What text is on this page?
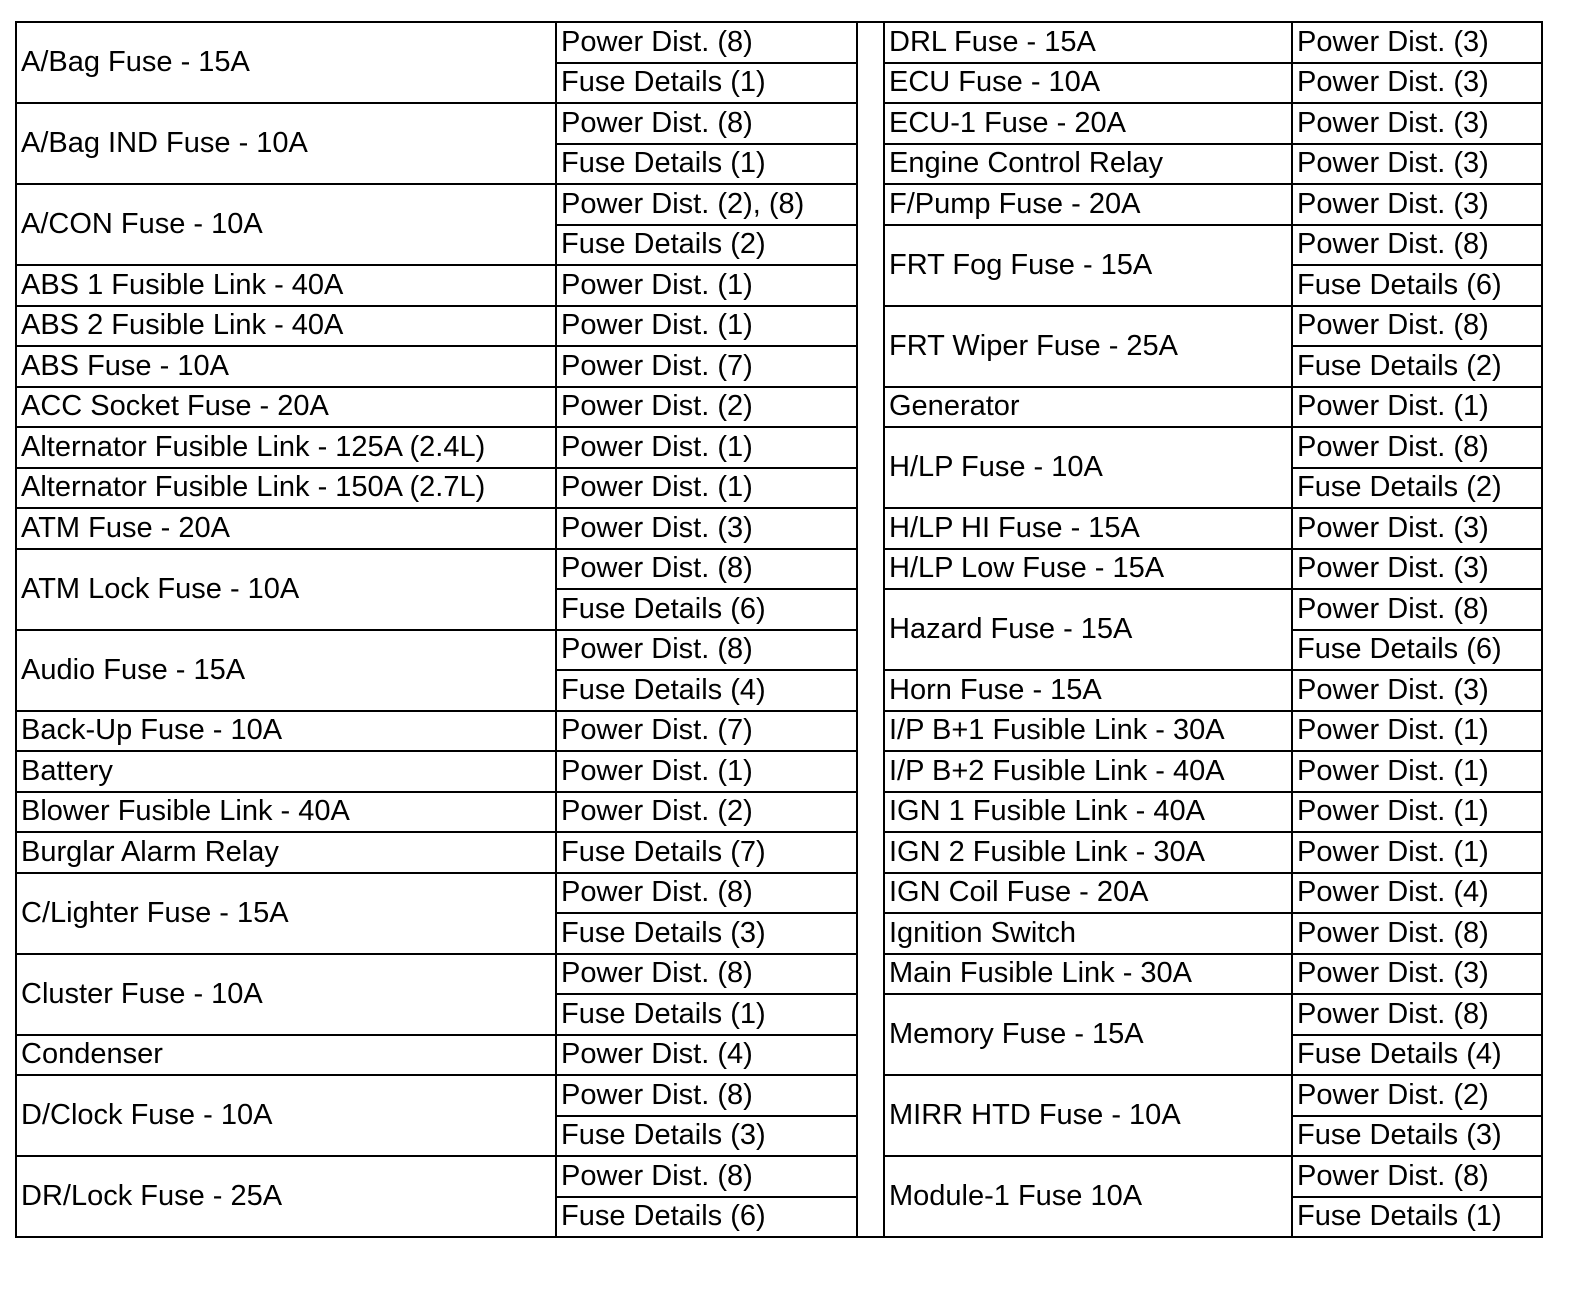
A/Bag Fuse - 15A	Power Dist. (8)
	Fuse Details (1)
A/Bag IND Fuse - 10A	Power Dist. (8)
	Fuse Details (1)
A/CON Fuse - 10A	Power Dist. (2), (8)
	Fuse Details (2)
ABS 1 Fusible Link - 40A	Power Dist. (1)
ABS 2 Fusible Link - 40A	Power Dist. (1)
ABS Fuse - 10A	Power Dist. (7)
ACC Socket Fuse - 20A	Power Dist. (2)
Alternator Fusible Link - 125A (2.4L)	Power Dist. (1)
Alternator Fusible Link - 150A (2.7L)	Power Dist. (1)
ATM Fuse - 20A	Power Dist. (3)
ATM Lock Fuse - 10A	Power Dist. (8)
	Fuse Details (6)
Audio Fuse - 15A	Power Dist. (8)
	Fuse Details (4)
Back-Up Fuse - 10A	Power Dist. (7)
Battery	Power Dist. (1)
Blower Fusible Link - 40A	Power Dist. (2)
Burglar Alarm Relay	Fuse Details (7)
C/Lighter Fuse - 15A	Power Dist. (8)
	Fuse Details (3)
Cluster Fuse - 10A	Power Dist. (8)
	Fuse Details (1)
Condenser	Power Dist. (4)
D/Clock Fuse - 10A	Power Dist. (8)
	Fuse Details (3)
DR/Lock Fuse - 25A	Power Dist. (8)
	Fuse Details (6)
DRL Fuse - 15A	Power Dist. (3)
ECU Fuse - 10A	Power Dist. (3)
ECU-1 Fuse - 20A	Power Dist. (3)
Engine Control Relay	Power Dist. (3)
F/Pump Fuse - 20A	Power Dist. (3)
FRT Fog Fuse - 15A	Power Dist. (8)
	Fuse Details (6)
FRT Wiper Fuse - 25A	Power Dist. (8)
	Fuse Details (2)
Generator	Power Dist. (1)
H/LP Fuse - 10A	Power Dist. (8)
	Fuse Details (2)
H/LP HI Fuse - 15A	Power Dist. (3)
H/LP Low Fuse - 15A	Power Dist. (3)
Hazard Fuse - 15A	Power Dist. (8)
	Fuse Details (6)
Horn Fuse - 15A	Power Dist. (3)
I/P B+1 Fusible Link - 30A	Power Dist. (1)
I/P B+2 Fusible Link - 40A	Power Dist. (1)
IGN 1 Fusible Link - 40A	Power Dist. (1)
IGN 2 Fusible Link - 30A	Power Dist. (1)
IGN Coil Fuse - 20A	Power Dist. (4)
Ignition Switch	Power Dist. (8)
Main Fusible Link - 30A	Power Dist. (3)
Memory Fuse - 15A	Power Dist. (8)
	Fuse Details (4)
MIRR HTD Fuse - 10A	Power Dist. (2)
	Fuse Details (3)
Module-1 Fuse 10A	Power Dist. (8)
	Fuse Details (1)
